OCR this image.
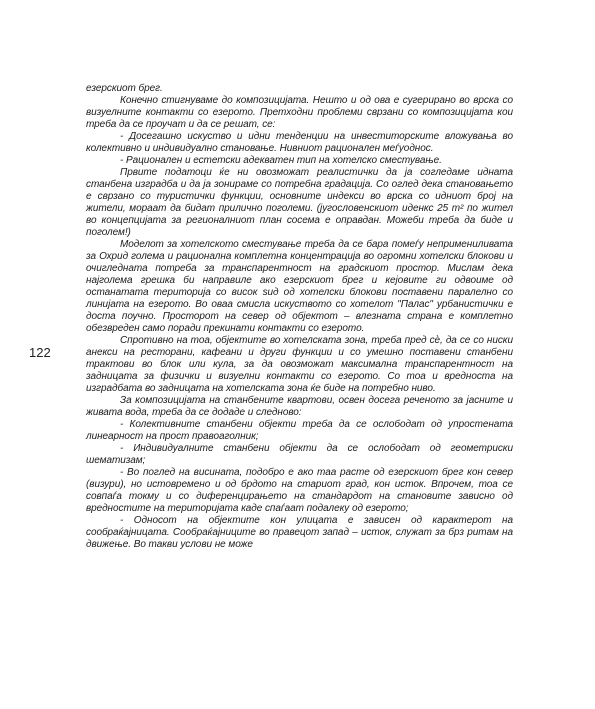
122

езерскиот брег.

Конечно стигнуваме до композицијата. Нешто и од ова е сугерирано во врска со визуелните контакти со езерото. Претходни проблеми сврзани со композицијата кои треба да се проучат и да се решат, се:

- Досегашно искуство и идни тенденции на инвеститорските вложувања во колективно и индивидуално становање. Нивниот рационален меѓуоднос.

- Рационален и естетски адекватен тип на хотелско сместување.

Првите податоци ќе ни овозможат реалистички да ја согледаме идната станбена изградба и да ја зонираме со потребна градација. Со оглед дека становањето е сврзано со туристички функции, основните индекси во врска со идниот број на жители, мораат да бидат прилично поголеми. (југословенскиот иденкс 25 m² по жител во концепцијата за регионалниот план сосема е оправдан. Можеби треба да биде и поголем!)

Моделот за хотелското сместување треба да се бара помеѓу непримениливата за Охрид голема и рационална комплетна концентрација во огромни хотелски блокови и очигледната потреба за транспарентност на градскиот простор. Мислам дека најголема грешка би направиле ако езерскиот брег и кејовите ги одвоиме од останатата територија со висок ѕид од хотелски блокови поставени паралелно со линијата на езерото. Во оваа смисла искуството со хотелот "Палас" урбанистички е доста поучно. Просторот на север од објектот – влезната страна е комплетно обезвреден само поради прекинати контакти со езерото.

Спротивно на тоа, објектите во хотелската зона, треба пред сѐ, да се со ниски анекси на ресторани, кафеани и други функции и со умешно поставени станбени трактови во блок или кула, за да овозможат максимална транспарентност на задницата за физички и визуелни контакти со езерото. Со тоа и вредноста на изградбата во задницата на хотелската зона ќе биде на потребно ниво.

За композицијата на станбените квартови, освен досега реченото за јасните и живата вода, треба да се додаде и следново:

- Колективните станбени објекти треба да се ослободат од упростената линеарност на прост правоаголник;

- Индивидуалните станбени објекти да се ослободат од геометриски шематизам;

- Во поглед на висината, подобро е ако таа расте од езерскиот брег кон север (визури), но истовремено и од брдото на стариот град, кон исток. Впрочем, тоа се совпаѓа токму и со диференцирањето на стандардот на становите зависно од вредностите на територијата каде спаѓаат подалеку од езерото;

- Односот на објектите кон улицата е зависен од карактерот на сообраќајницата. Сообраќајниците во правецот запад – исток, служат за брз ритам на движење. Во такви услови не може
